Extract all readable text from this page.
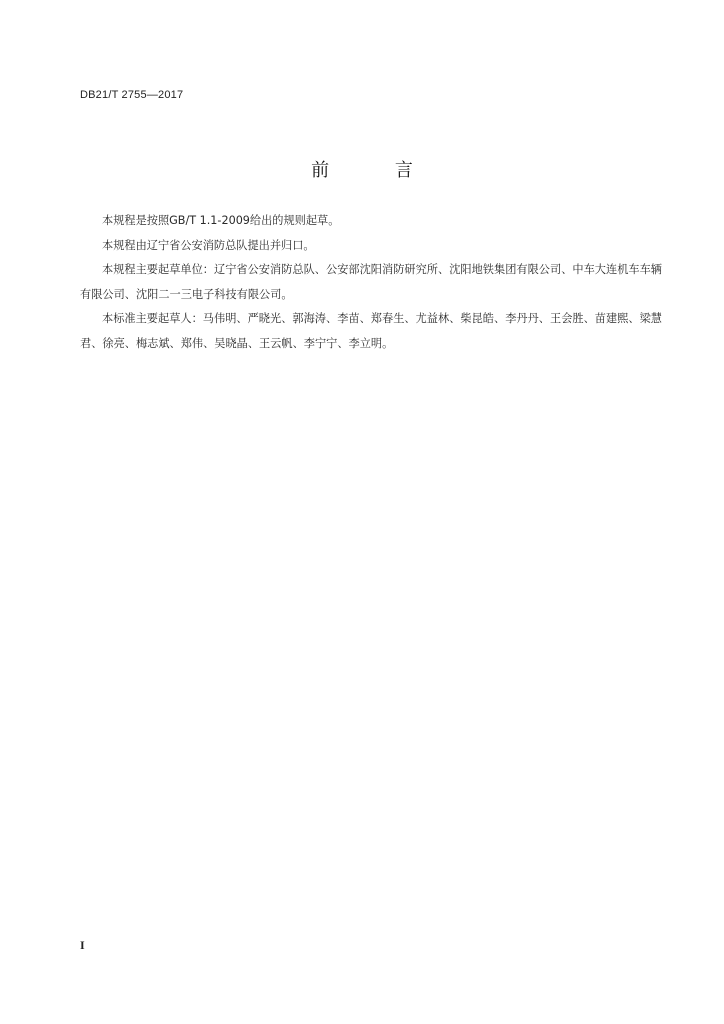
DB21/T 2755—2017
前 言

本规程是按照GB/T 1.1-2009给出的规则起草。

本规程由辽宁省公安消防总队提出并归口。

本规程主要起草单位：辽宁省公安消防总队、公安部沈阳消防研究所、沈阳地铁集团有限公司、中车大连机车车辆有限公司、沈阳二一三电子科技有限公司。

本标准主要起草人：马伟明、严晓光、郭海涛、李苗、郑春生、尤益林、柴昆皓、李丹丹、王会胜、苗建熙、梁慧君、徐亮、梅志斌、郑伟、吴晓晶、王云帆、李宁宁、李立明。

I
